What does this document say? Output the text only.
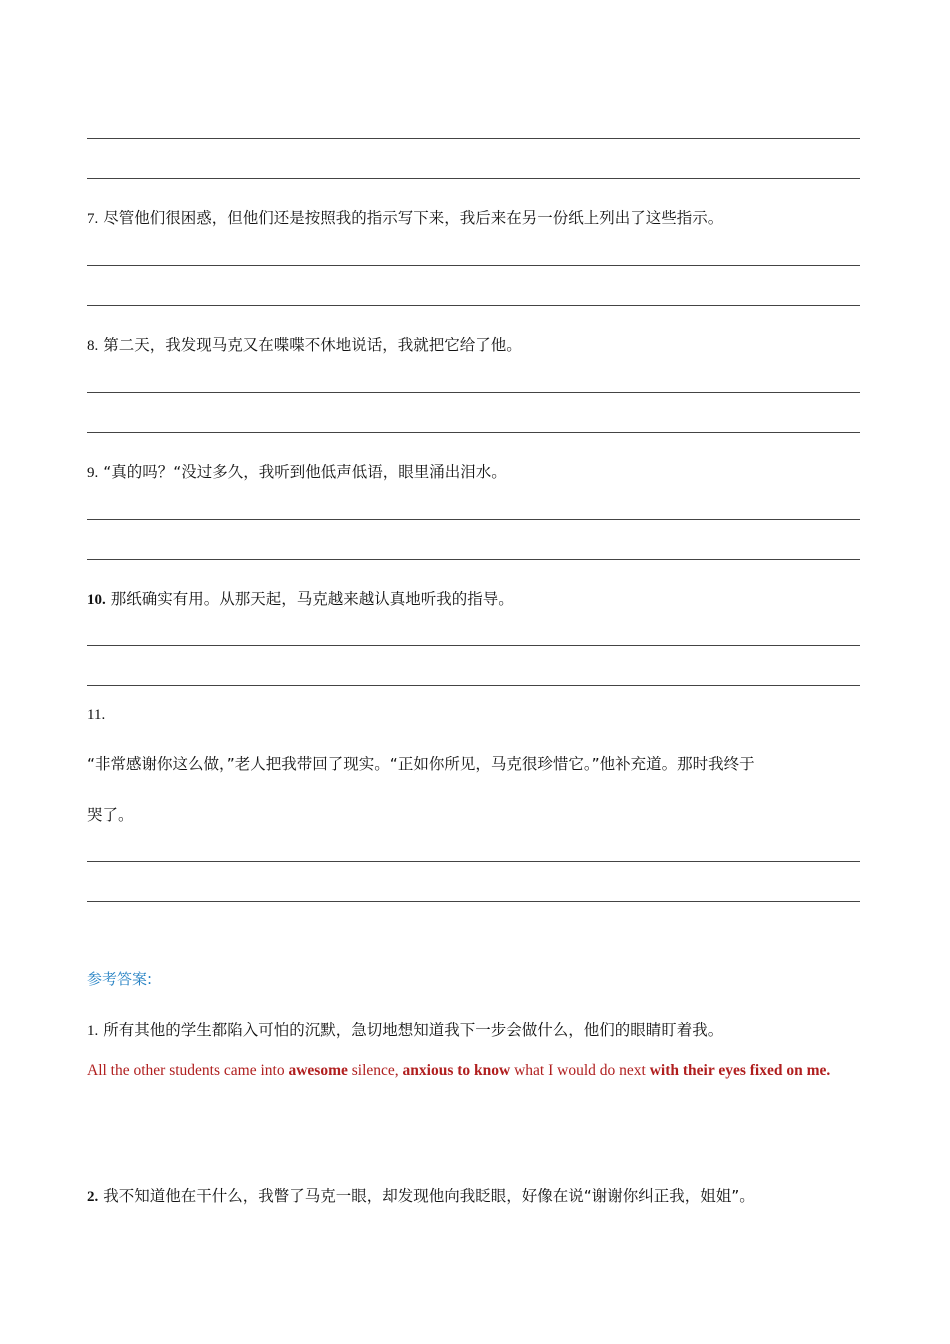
7. 尽管他们很困惑，但他们还是按照我的指示写下来，我后来在另一份纸上列出了这些指示。
8. 第二天，我发现马克又在喋喋不休地说话，我就把它给了他。
9. “真的吗？“没过多久，我听到他低声低语，眼里涌出泪水。
10. 那纸确实有用。从那天起，马克越来越认真地听我的指导。
11.
“非常感谢你这么做，”老人把我带回了现实。“正如你所见，马克很珍惜它。”他补充道。那时我终于
哭了。
参考答案:
1. 所有其他的学生都陷入可怕的沉默，急切地想知道我下一步会做什么，他们的眼睛盯着我。
All the other students came into awesome silence, anxious to know what I would do next with their eyes fixed on me.
2. 我不知道他在干什么，我瞥了马克一眼，却发现他向我眨眼，好像在说“谢谢你纠正我，姐姐”。
